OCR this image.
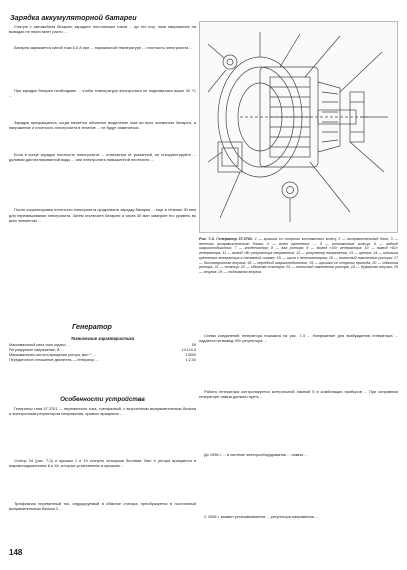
Зарядка аккумуляторной батареи

Снятую с автомобиля батарею зарядите постоянным током ... до тех пор, пока напряжение на выводах не перестанет расти ...

Батарея заряжается силой тока 5,5 А при ... нормальной температуре ... плотность электролита ...

При зарядке батареи необходимо ... чтобы температура электролита не поднималась выше 40 °С ...

Зарядка прекращается, когда начнется обильное выделение газа во всех элементах батареи, а напряжение и плотность электролита в течение ... не будут изменяться.

Если в конце зарядки плотность электролита ... отличается от указанной, ее откорректируйте ... доливом дистиллированной воды ... или электролита повышенной плотности ...

После корректировки плотности электролита продолжите зарядку батареи ... еще в течение 30 мин для перемешивания электролита. Затем отключите батарею и через 30 мин замерьте его уровень во всех элементах ...

Генератор
Технические характеристики
Максимальный сила тока отдачи ...	55
Регулируемое напряжение, В ...	14,1±0,5
Максимальная частота вращения ротора, мин⁻¹ ...	13000
Передаточное отношение двигатель — генератор ...	1:2,04
Особенности устройства

Генератор типа 37.3701 — переменного тока, трехфазный, с встроенным выпрямительным блоком и электронным регулятором напряжения, правого вращения ...

Статор 24 (рис. 7-3) и крышки 1 и 19 стянуты четырьмя болтами. Вал 4 ротора вращается в шарикоподшипниках 6 и 18, которые установлены в крышках ...

Трехфазная переменный ток, индуцируемый в обмотке статора, преобразуется в постоянный выпрямительным блоком 2 ...

Рис. 7-3. Генератор 37.3701: 1 — крышка со стороны контактных колец; 2 — выпрямительный блок; 3 — вентиль выпрямительного блока; 4 — винт крепления ...; 5 — контактные кольца; 6 — задний шарикоподшипник; 7 — конденсатор; 8 — вал ротора; 9 — вывод «30» генератора; 10 — вывод «61» генератора; 11 — вывод «В» регулятора напряжения; 12 — регулятор напряжения; 13 — щетка; 14 — шпилька крепления генератора к натяжной планке; 15 — шкив с вентилятором; 16 — полюсный наконечник ротора; 17 — дистанционная втулка; 18 — передний шарикоподшипник; 19 — крышка со стороны привода; 20 — обмотка ротора; 21 — статор; 22 — обмотка статора; 23 — полюсный наконечник ротора; 24 — буферная втулка; 25 — втулка; 26 — поджимная втулка

Схема соединений генератора показана на рис. 7-4 ... Напряжение для возбуждения генератора ... подается на вывод «В» регулятора ...

Работа генератора контролируется контрольной лампой 5 в комбинации приборов ... При исправном генераторе лампа должна гореть ...

До 1996 г. ... в системе электрооборудования ... лампы ...

С 1996 г. взамен устанавливается ... регулятора напряжения ...

148
